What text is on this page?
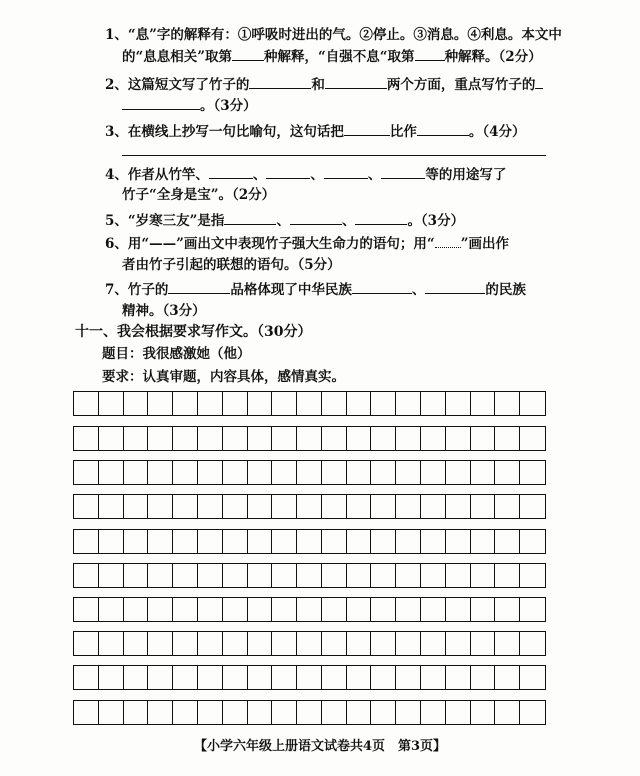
1、“息”字的解释有：①呼吸时进出的气。②停止。③消息。④利息。本文中
的“息息相关”取第 种解释，“自强不息“取第 种解释。（2分）
2、这篇短文写了竹子的	和	两个方面，重点写竹子的
。（3分）
3、在横线上抄写一句比喻句，这句话把	比作	。（4分）
4、作者从竹竿、	、	、	、	等的用途写了
竹子“全身是宝”。（2分）
5、“岁寒三友”是指	、	、	。（3分）
6、用“——”画出文中表现竹子强大生命力的语句；用“ ”画出作
者由竹子引起的联想的语句。（5分）
7、竹子的	品格体现了中华民族	、	的民族
精神。（3分）
十一、我会根据要求写作文。（30分）
题目：我很感激她（他）
要求：认真审题，内容具体，感情真实。
【小学六年级上册语文试卷共4页　第3页】
